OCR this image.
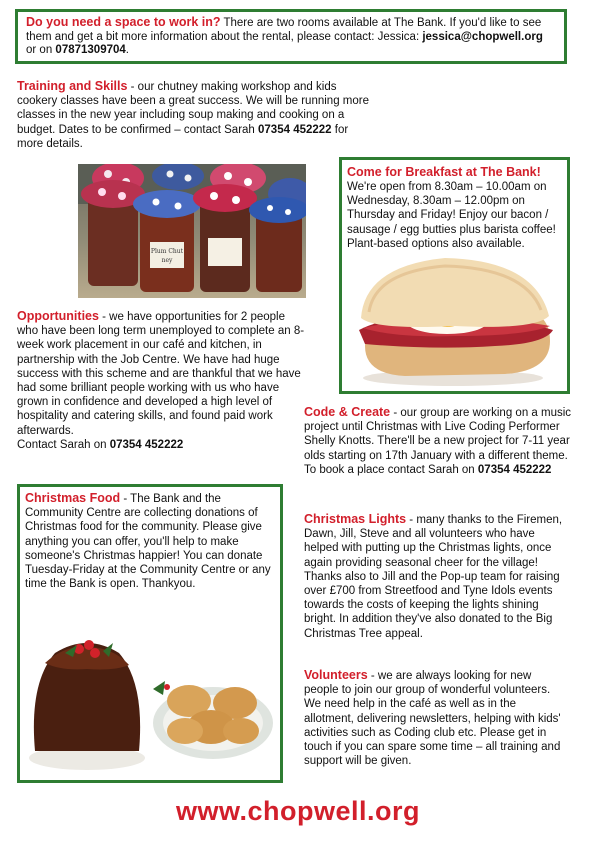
Do you need a space to work in? There are two rooms available at The Bank. If you'd like to see them and get a bit more information about the rental, please contact: Jessica: jessica@chopwell.org or on 07871309704.

Training and Skills - our chutney making workshop and kids cookery classes have been a great success. We will be running more classes in the new year including soup making and cooking on a budget. Dates to be confirmed – contact Sarah 07354 452222 for more details.

Plum Chut
ney

Come for Breakfast at The Bank!

We're open from 8.30am – 10.00am on Wednesday, 8.30am – 12.00pm on Thursday and Friday! Enjoy our bacon / sausage / egg butties plus barista coffee! Plant-based options also available.

Opportunities - we have opportunities for 2 people who have been long term unemployed to complete an 8-week work placement in our café and kitchen, in partnership with the Job Centre. We have had huge success with this scheme and are thankful that we have had some brilliant people working with us who have grown in confidence and developed a high level of hospitality and catering skills, and found paid work afterwards.

Contact Sarah on 07354 452222

Code & Create - our group are working on a music project until Christmas with Live Coding Performer Shelly Knotts. There'll be a new project for 7-11 year olds starting on 17th January with a different theme. To book a place contact Sarah on 07354 452222

Christmas Food - The Bank and the Community Centre are collecting donations of Christmas food for the community. Please give anything you can offer, you'll help to make someone's Christmas happier! You can donate Tuesday-Friday at the Community Centre or any time the Bank is open. Thankyou.

Christmas Lights - many thanks to the Firemen, Dawn, Jill, Steve and all volunteers who have helped with putting up the Christmas lights, once again providing seasonal cheer for the village! Thanks also to Jill and the Pop-up team for raising over £700 from Streetfood and Tyne Idols events towards the costs of keeping the lights shining bright. In addition they've also donated to the Big Christmas Tree appeal.

Volunteers - we are always looking for new people to join our group of wonderful volunteers. We need help in the café as well as in the allotment, delivering newsletters, helping with kids' activities such as Coding club etc. Please get in touch if you can spare some time – all training and support will be given.

www.chopwell.org
